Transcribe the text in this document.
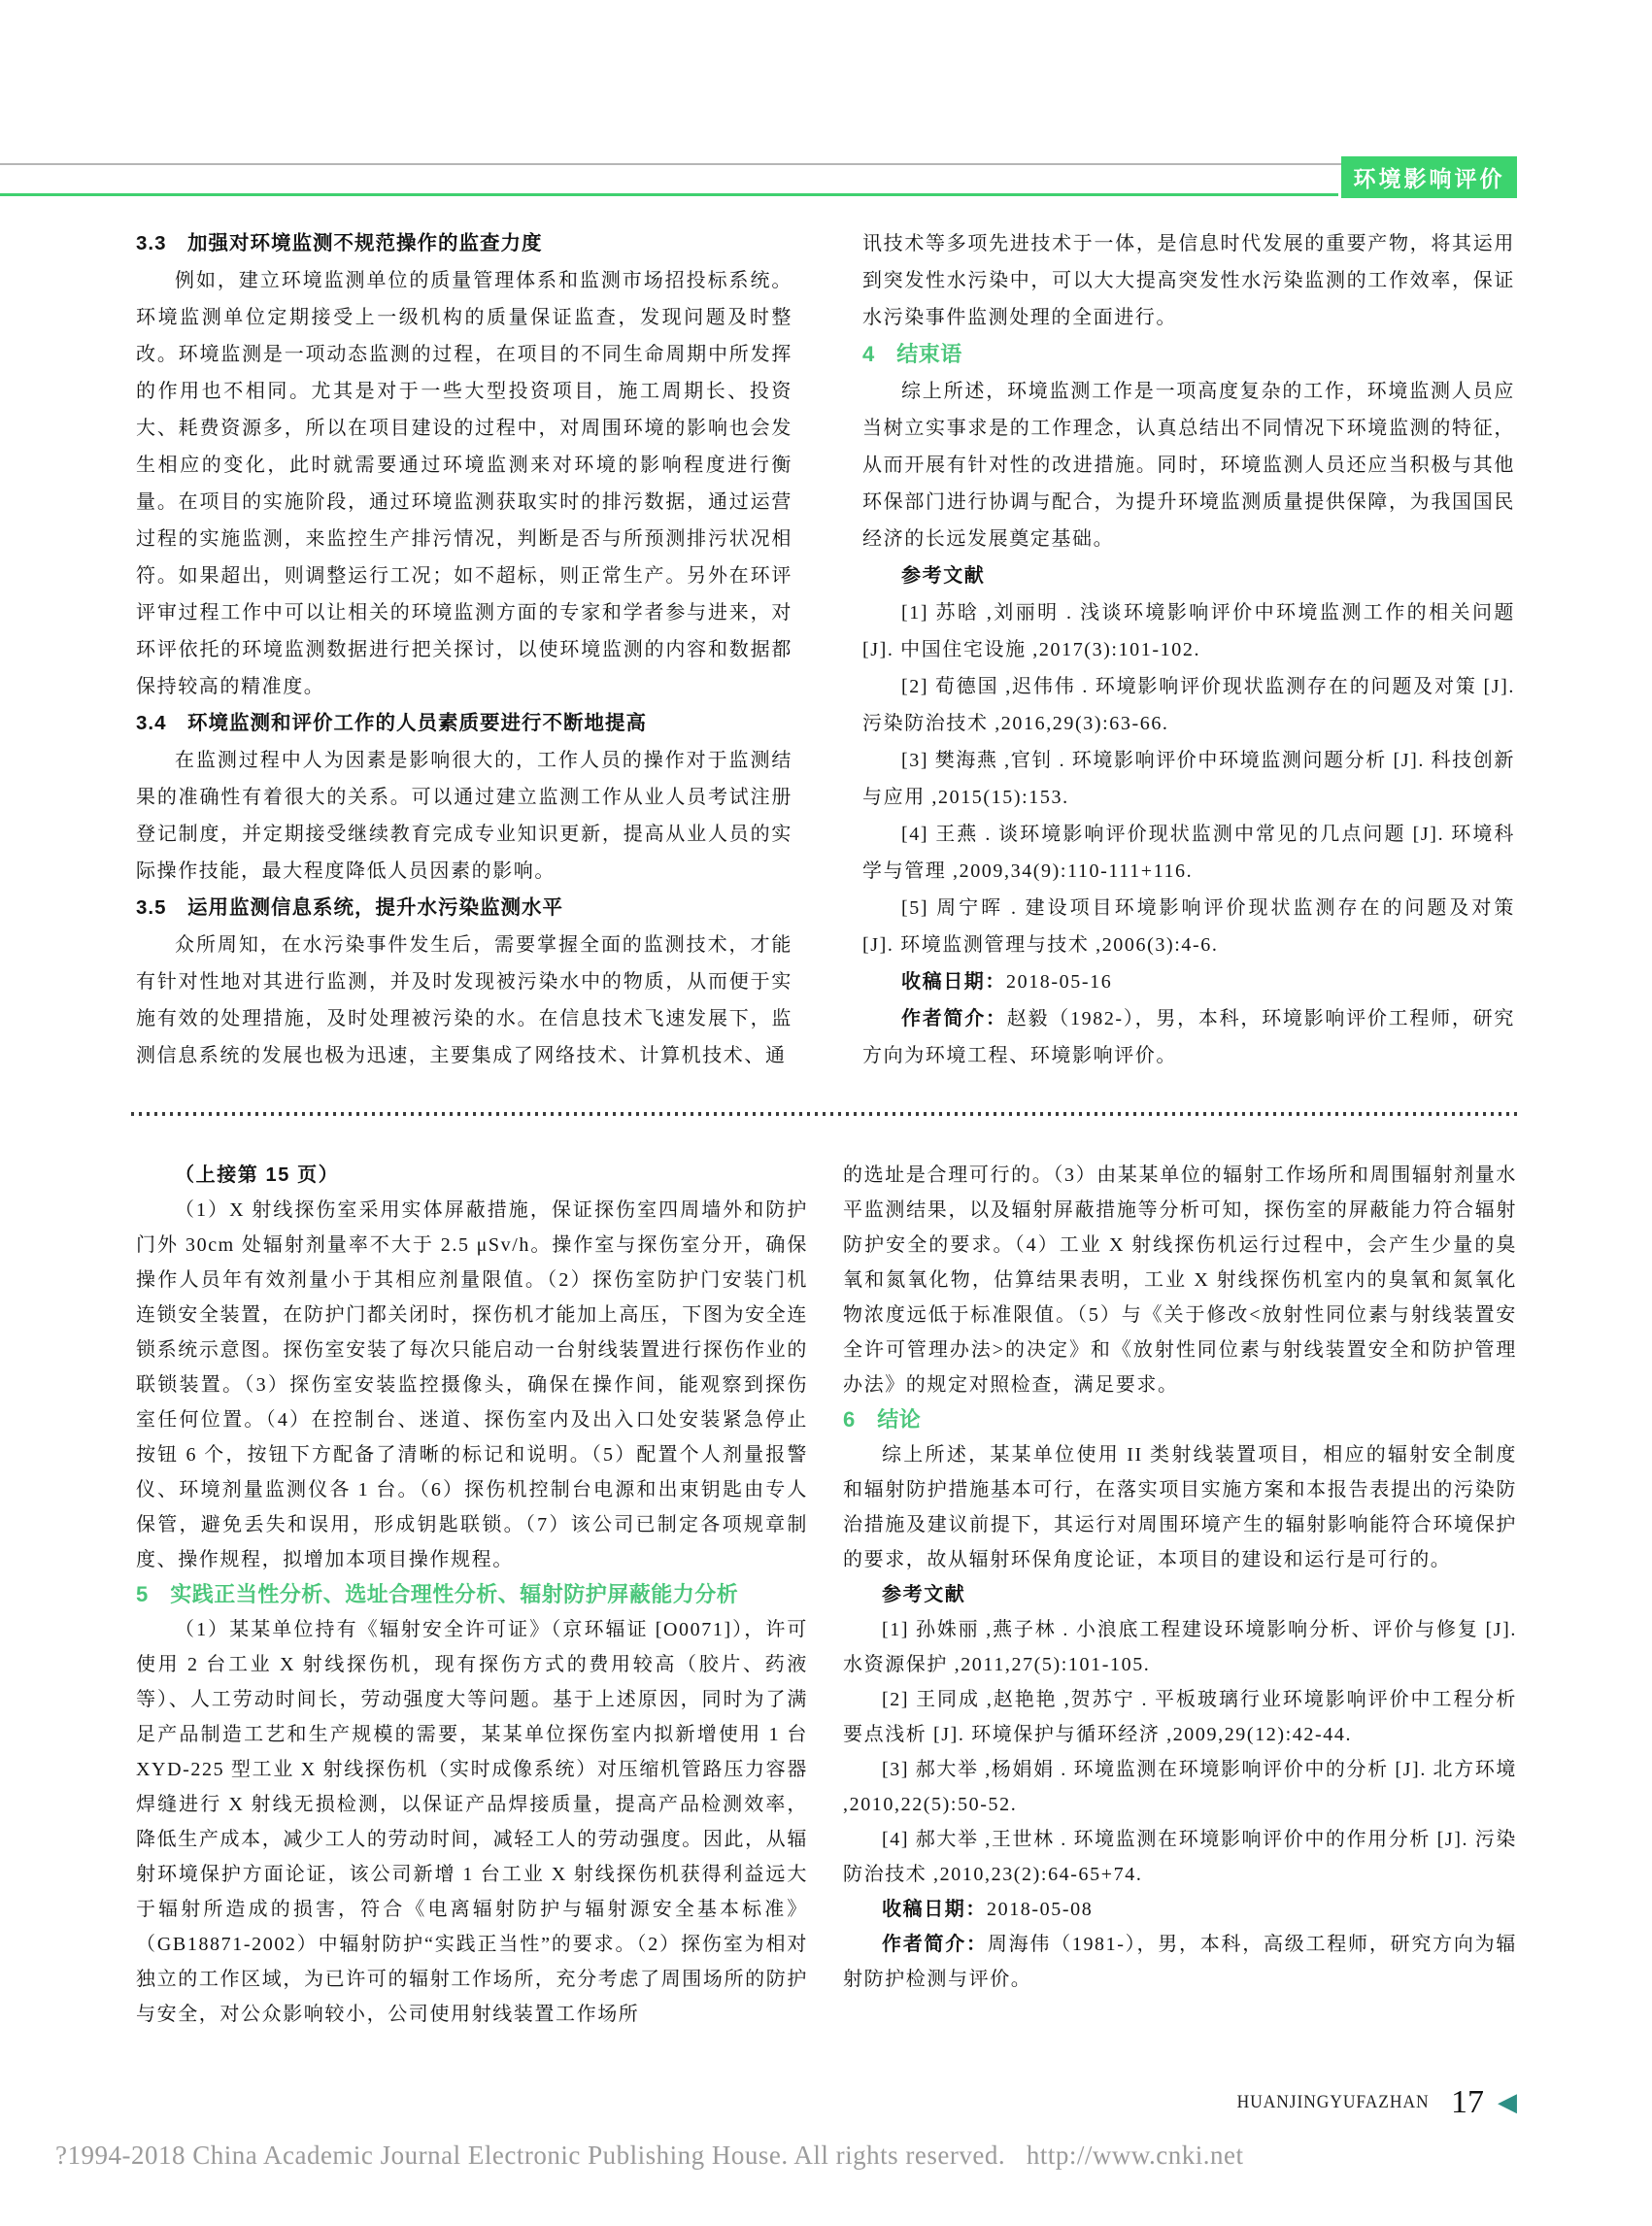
环境影响评价
3.3　加强对环境监测不规范操作的监查力度

例如，建立环境监测单位的质量管理体系和监测市场招投标系统。环境监测单位定期接受上一级机构的质量保证监查，发现问题及时整改。环境监测是一项动态监测的过程，在项目的不同生命周期中所发挥的作用也不相同。尤其是对于一些大型投资项目，施工周期长、投资大、耗费资源多，所以在项目建设的过程中，对周围环境的影响也会发生相应的变化，此时就需要通过环境监测来对环境的影响程度进行衡量。在项目的实施阶段，通过环境监测获取实时的排污数据，通过运营过程的实施监测，来监控生产排污情况，判断是否与所预测排污状况相符。如果超出，则调整运行工况；如不超标，则正常生产。另外在环评评审过程工作中可以让相关的环境监测方面的专家和学者参与进来，对环评依托的环境监测数据进行把关探讨，以使环境监测的内容和数据都保持较高的精准度。

3.4　环境监测和评价工作的人员素质要进行不断地提高

在监测过程中人为因素是影响很大的，工作人员的操作对于监测结果的准确性有着很大的关系。可以通过建立监测工作从业人员考试注册登记制度，并定期接受继续教育完成专业知识更新，提高从业人员的实际操作技能，最大程度降低人员因素的影响。

3.5　运用监测信息系统，提升水污染监测水平

众所周知，在水污染事件发生后，需要掌握全面的监测技术，才能有针对性地对其进行监测，并及时发现被污染水中的物质，从而便于实施有效的处理措施，及时处理被污染的水。在信息技术飞速发展下，监测信息系统的发展也极为迅速，主要集成了网络技术、计算机技术、通

讯技术等多项先进技术于一体，是信息时代发展的重要产物，将其运用到突发性水污染中，可以大大提高突发性水污染监测的工作效率，保证水污染事件监测处理的全面进行。

4　结束语

综上所述，环境监测工作是一项高度复杂的工作，环境监测人员应当树立实事求是的工作理念，认真总结出不同情况下环境监测的特征，从而开展有针对性的改进措施。同时，环境监测人员还应当积极与其他环保部门进行协调与配合，为提升环境监测质量提供保障，为我国国民经济的长远发展奠定基础。

参考文献

[1] 苏晗 ,刘丽明 . 浅谈环境影响评价中环境监测工作的相关问题 [J]. 中国住宅设施 ,2017(3):101-102.

[2] 荀德国 ,迟伟伟 . 环境影响评价现状监测存在的问题及对策 [J]. 污染防治技术 ,2016,29(3):63-66.

[3] 樊海燕 ,官钊 . 环境影响评价中环境监测问题分析 [J]. 科技创新与应用 ,2015(15):153.

[4] 王燕 . 谈环境影响评价现状监测中常见的几点问题 [J]. 环境科学与管理 ,2009,34(9):110-111+116.

[5] 周宁晖 . 建设项目环境影响评价现状监测存在的问题及对策 [J]. 环境监测管理与技术 ,2006(3):4-6.

收稿日期：2018-05-16

作者简介：赵毅（1982-），男，本科，环境影响评价工程师，研究方向为环境工程、环境影响评价。

（上接第 15 页）

（1）X 射线探伤室采用实体屏蔽措施，保证探伤室四周墙外和防护门外 30cm 处辐射剂量率不大于 2.5 μSv/h。操作室与探伤室分开，确保操作人员年有效剂量小于其相应剂量限值。（2）探伤室防护门安装门机连锁安全装置，在防护门都关闭时，探伤机才能加上高压，下图为安全连锁系统示意图。探伤室安装了每次只能启动一台射线装置进行探伤作业的联锁装置。（3）探伤室安装监控摄像头，确保在操作间，能观察到探伤室任何位置。（4）在控制台、迷道、探伤室内及出入口处安装紧急停止按钮 6 个，按钮下方配备了清晰的标记和说明。（5）配置个人剂量报警仪、环境剂量监测仪各 1 台。（6）探伤机控制台电源和出束钥匙由专人保管，避免丢失和误用，形成钥匙联锁。（7）该公司已制定各项规章制度、操作规程，拟增加本项目操作规程。

5　实践正当性分析、选址合理性分析、辐射防护屏蔽能力分析

（1）某某单位持有《辐射安全许可证》（京环辐证 [O0071]），许可使用 2 台工业 X 射线探伤机，现有探伤方式的费用较高（胶片、药液等）、人工劳动时间长，劳动强度大等问题。基于上述原因，同时为了满足产品制造工艺和生产规模的需要，某某单位探伤室内拟新增使用 1 台 XYD-225 型工业 X 射线探伤机（实时成像系统）对压缩机管路压力容器焊缝进行 X 射线无损检测，以保证产品焊接质量，提高产品检测效率，降低生产成本，减少工人的劳动时间，减轻工人的劳动强度。因此，从辐射环境保护方面论证，该公司新增 1 台工业 X 射线探伤机获得利益远大于辐射所造成的损害，符合《电离辐射防护与辐射源安全基本标准》（GB18871-2002）中辐射防护“实践正当性”的要求。（2）探伤室为相对独立的工作区域，为已许可的辐射工作场所，充分考虑了周围场所的防护与安全，对公众影响较小，公司使用射线装置工作场所

的选址是合理可行的。（3）由某某单位的辐射工作场所和周围辐射剂量水平监测结果，以及辐射屏蔽措施等分析可知，探伤室的屏蔽能力符合辐射防护安全的要求。（4）工业 X 射线探伤机运行过程中，会产生少量的臭氧和氮氧化物，估算结果表明，工业 X 射线探伤机室内的臭氧和氮氧化物浓度远低于标准限值。（5）与《关于修改<放射性同位素与射线装置安全许可管理办法>的决定》和《放射性同位素与射线装置安全和防护管理办法》的规定对照检查，满足要求。

6　结论

综上所述，某某单位使用 II 类射线装置项目，相应的辐射安全制度和辐射防护措施基本可行，在落实项目实施方案和本报告表提出的污染防治措施及建议前提下，其运行对周围环境产生的辐射影响能符合环境保护的要求，故从辐射环保角度论证，本项目的建设和运行是可行的。

参考文献

[1] 孙姝丽 ,燕子林 . 小浪底工程建设环境影响分析、评价与修复 [J]. 水资源保护 ,2011,27(5):101-105.

[2] 王同成 ,赵艳艳 ,贺苏宁 . 平板玻璃行业环境影响评价中工程分析要点浅析 [J]. 环境保护与循环经济 ,2009,29(12):42-44.

[3] 郝大举 ,杨娟娟 . 环境监测在环境影响评价中的分析 [J]. 北方环境 ,2010,22(5):50-52.

[4] 郝大举 ,王世林 . 环境监测在环境影响评价中的作用分析 [J]. 污染防治技术 ,2010,23(2):64-65+74.

收稿日期：2018-05-08

作者简介：周海伟（1981-），男，本科，高级工程师，研究方向为辐射防护检测与评价。

HUANJINGYUFAZHAN 17 ◀
?1994-2018 China Academic Journal Electronic Publishing House. All rights reserved.   http://www.cnki.net
